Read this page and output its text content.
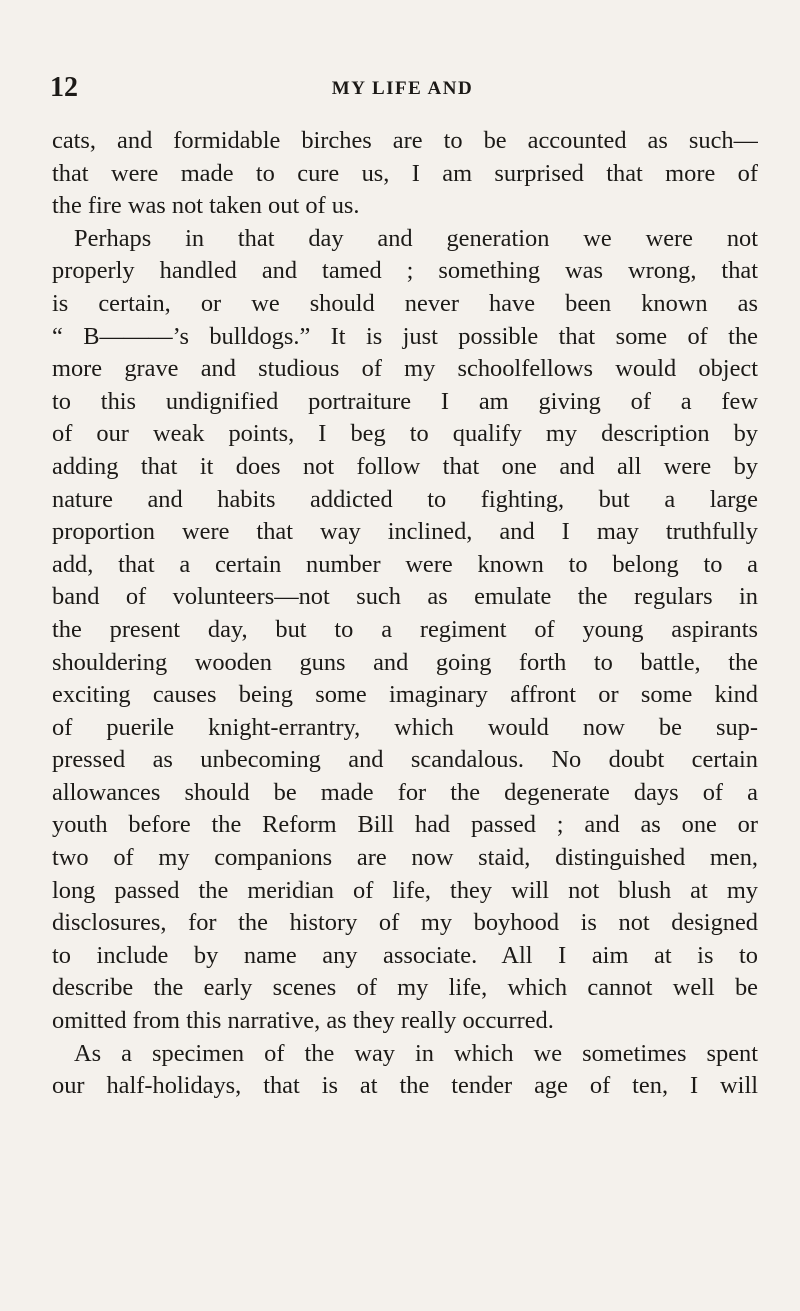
12	MY LIFE AND
cats, and formidable birches are to be accounted as such—
that were made to cure us, I am surprised that more of
the fire was not taken out of us.
Perhaps in that day and generation we were not
properly handled and tamed ; something was wrong, that
is certain, or we should never have been known as
“ B———’s bulldogs.” It is just possible that some of the
more grave and studious of my schoolfellows would object
to this undignified portraiture I am giving of a few
of our weak points, I beg to qualify my description by
adding that it does not follow that one and all were by
nature and habits addicted to fighting, but a large
proportion were that way inclined, and I may truthfully
add, that a certain number were known to belong to a
band of volunteers—not such as emulate the regulars in
the present day, but to a regiment of young aspirants
shouldering wooden guns and going forth to battle, the
exciting causes being some imaginary affront or some kind
of puerile knight-errantry, which would now be sup-
pressed as unbecoming and scandalous. No doubt certain
allowances should be made for the degenerate days of a
youth before the Reform Bill had passed ; and as one or
two of my companions are now staid, distinguished men,
long passed the meridian of life, they will not blush at my
disclosures, for the history of my boyhood is not designed
to include by name any associate. All I aim at is to
describe the early scenes of my life, which cannot well be
omitted from this narrative, as they really occurred.
As a specimen of the way in which we sometimes spent
our half-holidays, that is at the tender age of ten, I will
